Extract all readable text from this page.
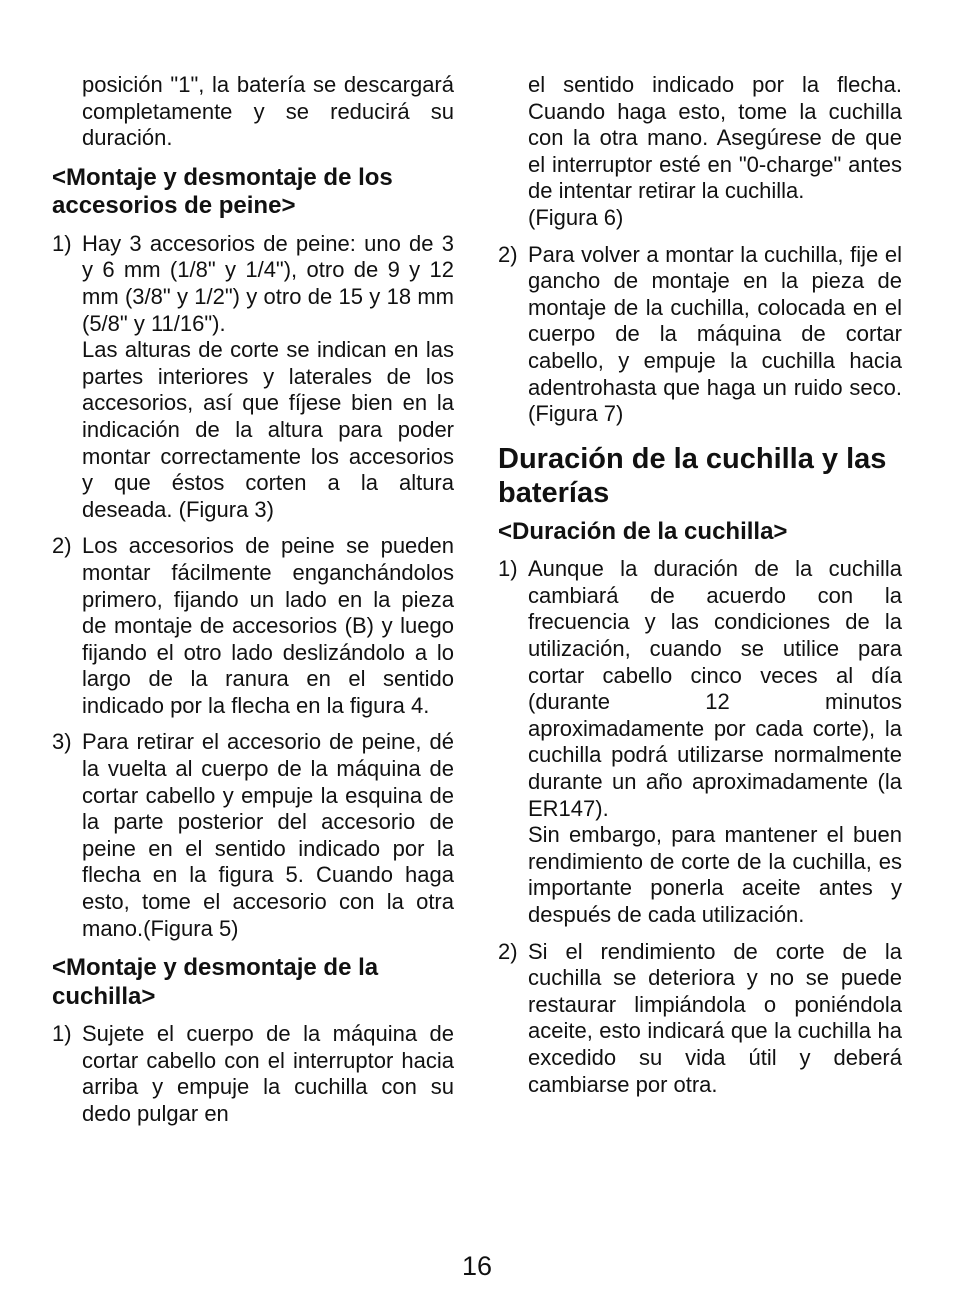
posición "1", la batería se descargará completamente y se reducirá su duración.

<Montaje y desmontaje de los accesorios de peine>
1) Hay 3 accesorios de peine: uno de 3 y 6 mm (1/8" y 1/4"), otro de 9 y 12 mm (3/8" y 1/2") y otro de 15 y 18 mm (5/8" y 11/16").
Las alturas de corte se indican en las partes interiores y laterales de los accesorios, así que fíjese bien en la indicación de la altura para poder montar correctamente los accesorios y que éstos corten a la altura deseada. (Figura 3)
2) Los accesorios de peine se pueden montar fácilmente enganchándolos primero, fijando un lado en la pieza de montaje de accesorios (B) y luego fijando el otro lado deslizándolo a lo largo de la ranura en el sentido indicado por la flecha en la figura 4.
3) Para retirar el accesorio de peine, dé la vuelta al cuerpo de la máquina de cortar cabello y empuje la esquina de la parte posterior del accesorio de peine en el sentido indicado por la flecha en la figura 5. Cuando haga esto, tome el accesorio con la otra mano.(Figura 5)
<Montaje y desmontaje de la cuchilla>
1) Sujete el cuerpo de la máquina de cortar cabello con el interruptor hacia arriba y empuje la cuchilla con su dedo pulgar en
el sentido indicado por la flecha. Cuando haga esto, tome la cuchilla con la otra mano. Asegúrese de que el interruptor esté en "0-charge" antes de intentar retirar la cuchilla.
(Figura 6)
2) Para volver a montar la cuchilla, fije el gancho de montaje en la pieza de montaje de la cuchilla, colocada en el cuerpo de la máquina de cortar cabello, y empuje la cuchilla hacia adentrohasta que haga un ruido seco. (Figura 7)
Duración de la cuchilla y las baterías
<Duración de la cuchilla>
1) Aunque la duración de la cuchilla cambiará de acuerdo con la frecuencia y las condiciones de la utilización, cuando se utilice para cortar cabello cinco veces al día (durante 12 minutos aproximadamente por cada corte), la cuchilla podrá utilizarse normalmente durante un año aproximadamente (la ER147).
Sin embargo, para mantener el buen rendimiento de corte de la cuchilla, es importante ponerla aceite antes y después de cada utilización.
2) Si el rendimiento de corte de la cuchilla se deteriora y no se puede restaurar limpiándola o poniéndola aceite, esto indicará que la cuchilla ha excedido su vida útil y deberá cambiarse por otra.
16
